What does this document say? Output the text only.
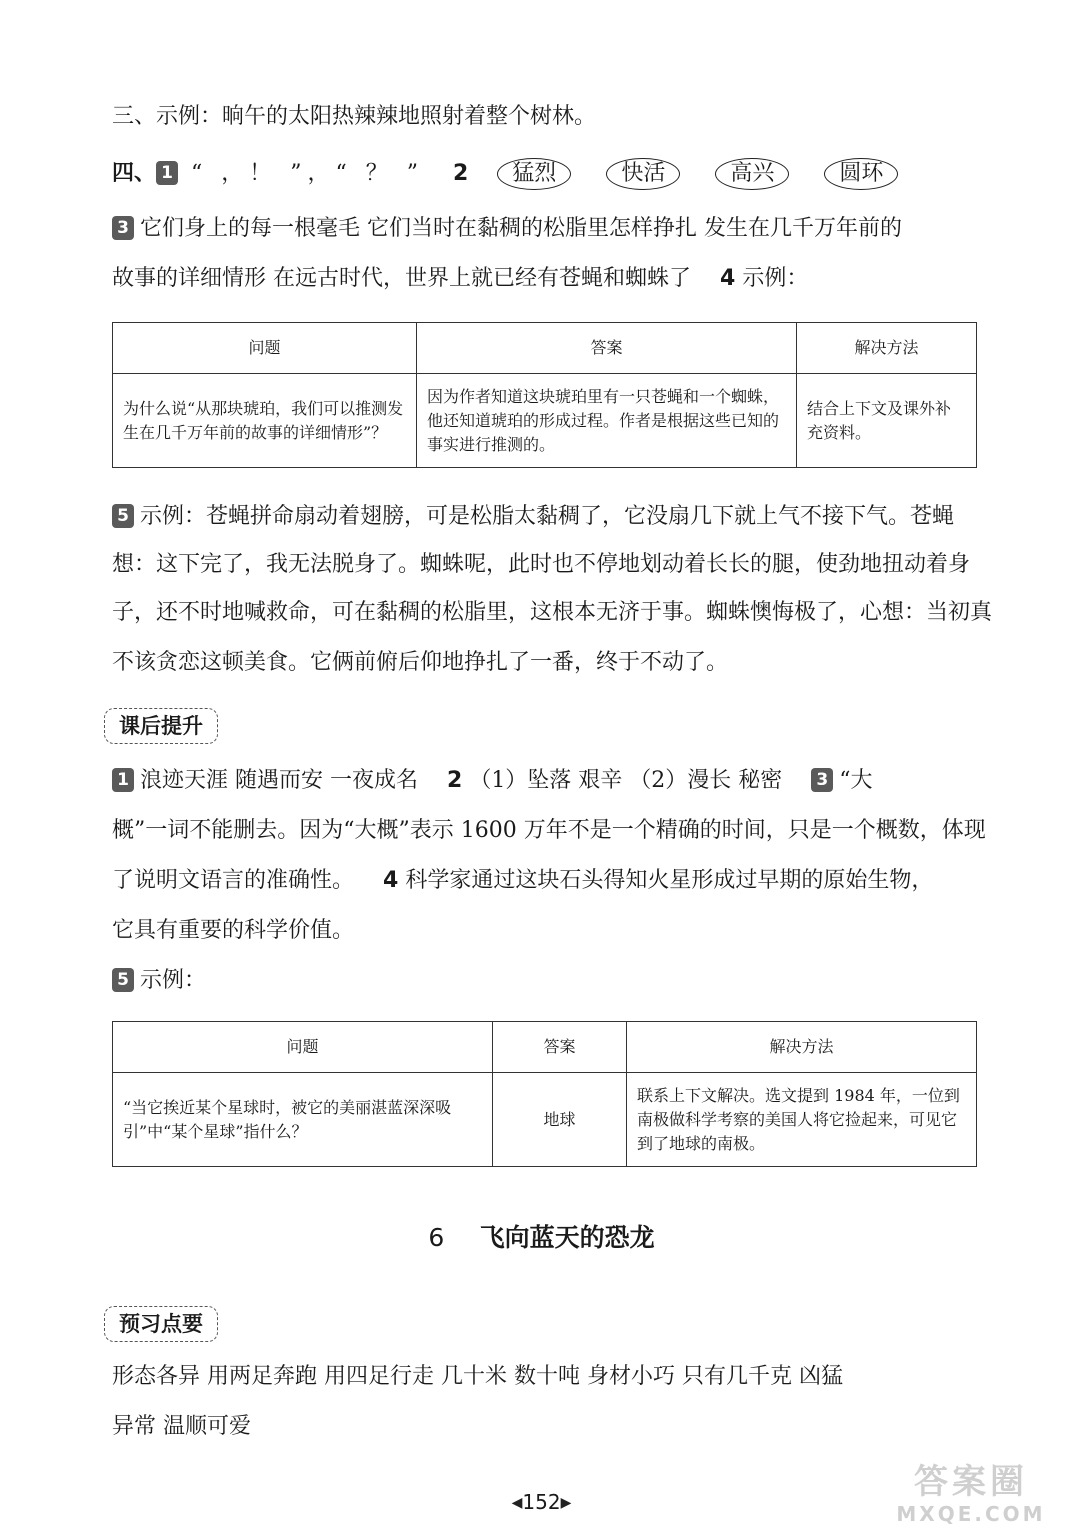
三、示例：晌午的太阳热辣辣地照射着整个树林。
四、 1 “ ，！ ”，“ ？ ” 2 猛烈	快活	高兴	圆环
3 它们身上的每一根毫毛 它们当时在黏稠的松脂里怎样挣扎 发生在几千万年前的
故事的详细情形 在远古时代，世界上就已经有苍蝇和蜘蛛了 4 示例：
问题	答案	解决方法
为什么说“从那块琥珀，我们可以推测发生在几千万年前的故事的详细情形”？	因为作者知道这块琥珀里有一只苍蝇和一个蜘蛛，他还知道琥珀的形成过程。作者是根据这些已知的事实进行推测的。	结合上下文及课外补充资料。
5 示例：苍蝇拼命扇动着翅膀，可是松脂太黏稠了，它没扇几下就上气不接下气。苍蝇
想：这下完了，我无法脱身了。蜘蛛呢，此时也不停地划动着长长的腿，使劲地扭动着身
子，还不时地喊救命，可在黏稠的松脂里，这根本无济于事。蜘蛛懊悔极了，心想：当初真
不该贪恋这顿美食。它俩前俯后仰地挣扎了一番，终于不动了。
课后提升
1 浪迹天涯 随遇而安 一夜成名 2 （1）坠落 艰辛 （2）漫长 秘密 3 “大
概”一词不能删去。因为“大概”表示 1600 万年不是一个精确的时间，只是一个概数，体现
了说明文语言的准确性。 4 科学家通过这块石头得知火星形成过早期的原始生物，
它具有重要的科学价值。
5 示例：
问题	答案	解决方法
“当它挨近某个星球时，被它的美丽湛蓝深深吸引”中“某个星球”指什么？	地球	联系上下文解决。选文提到 1984 年，一位到南极做科学考察的美国人将它捡起来，可见它到了地球的南极。
6 飞向蓝天的恐龙
预习点要
形态各异 用两足奔跑 用四足行走 几十米 数十吨 身材小巧 只有几千克 凶猛
异常 温顺可爱
◀152▶
答案圈
MXQE.COM
